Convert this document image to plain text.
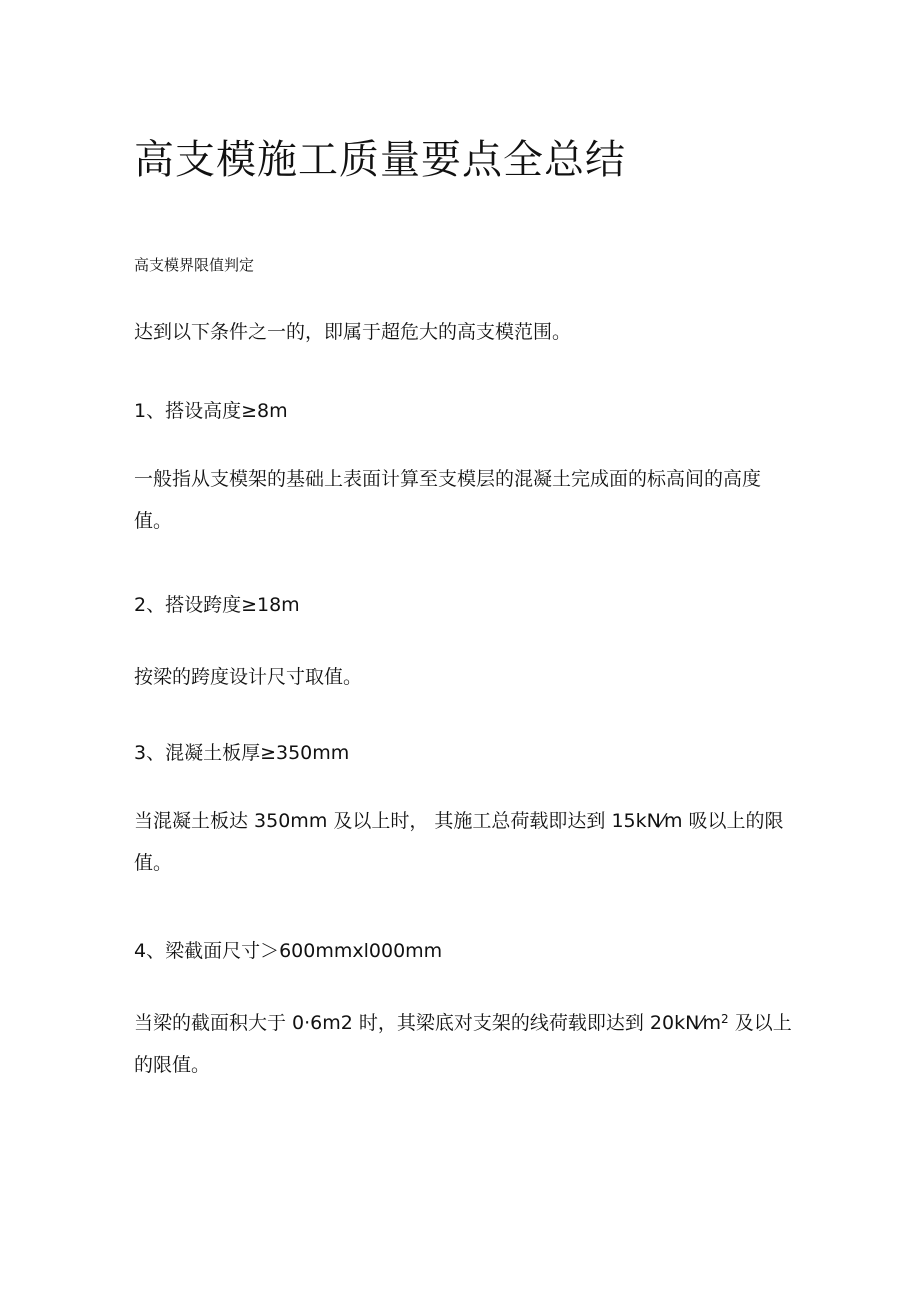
高支模施工质量要点全总结
高支模界限值判定
达到以下条件之一的，即属于超危大的高支模范围。
1、搭设高度≥8m
一般指从支模架的基础上表面计算至支模层的混凝土完成面的标高间的高度值。
2、搭设跨度≥18m
按梁的跨度设计尺寸取值。
3、混凝土板厚≥350mm
当混凝土板达 350mm 及以上时， 其施工总荷载即达到 15kN⁄m 吸以上的限值。
4、梁截面尺寸＞600mmxl000mm
当梁的截面积大于 0·6m2 时，其梁底对支架的线荷载即达到 $20kN⁄m^2$ 及以上的限值。
